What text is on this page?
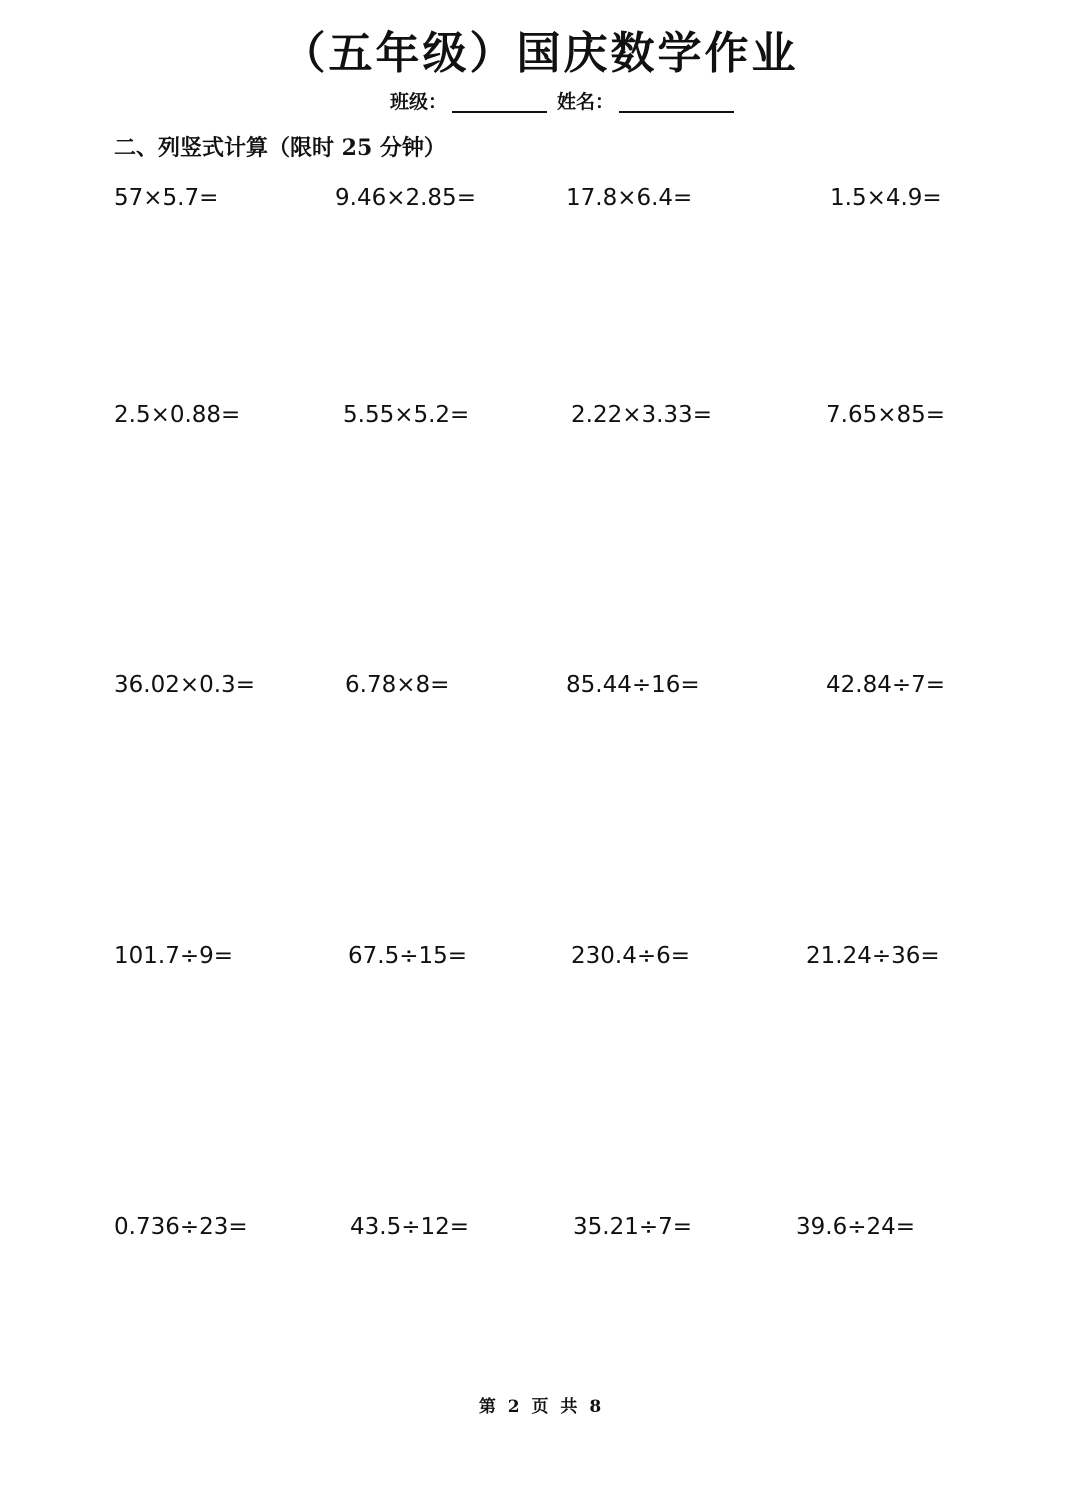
（五年级）国庆数学作业
班级：	姓名：
二、列竖式计算（限时 25 分钟）
57×5.7=	9.46×2.85=	17.8×6.4=	1.5×4.9=
2.5×0.88=	5.55×5.2=	2.22×3.33=	7.65×85=
36.02×0.3=	6.78×8=	85.44÷16=	42.84÷7=
101.7÷9=	67.5÷15=	230.4÷6=	21.24÷36=
0.736÷23=	43.5÷12=	35.21÷7=	39.6÷24=
第 2 页 共 8
